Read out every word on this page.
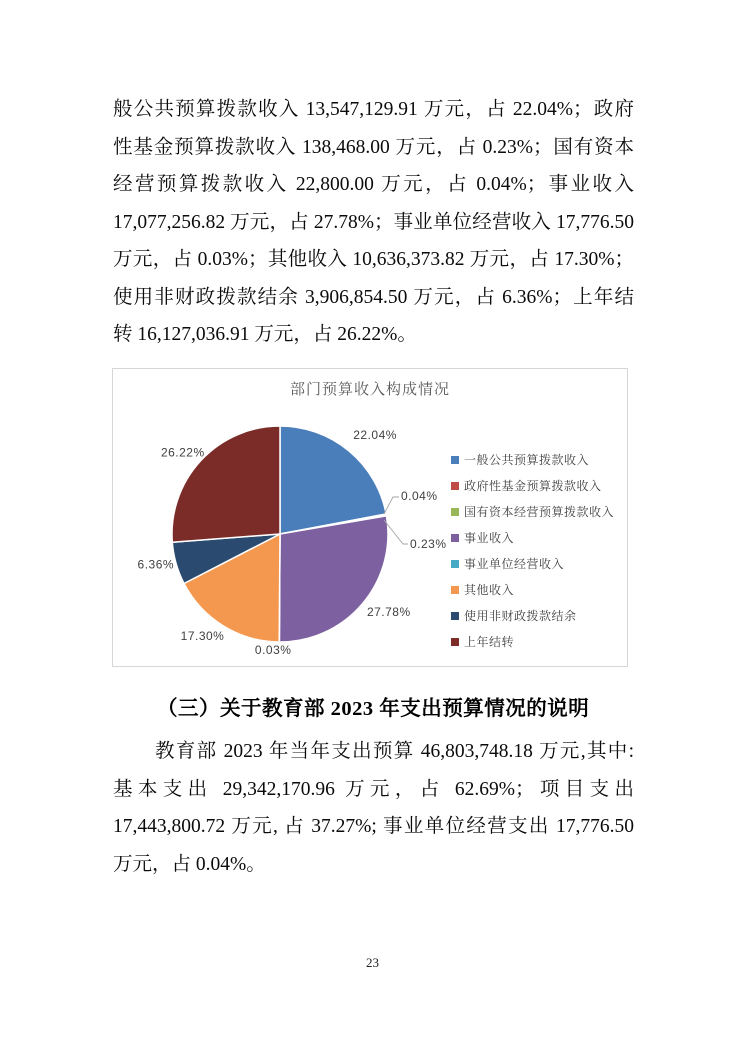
般公共预算拨款收入 13,547,129.91 万元，占 22.04%；政府
性基金预算拨款收入 138,468.00 万元，占 0.23%；国有资本
经营预算拨款收入 22,800.00 万元，占 0.04%；事业收入
17,077,256.82 万元，占 27.78%；事业单位经营收入 17,776.50
万元，占 0.03%；其他收入 10,636,373.82 万元，占 17.30%；
使用非财政拨款结余 3,906,854.50 万元，占 6.36%；上年结
转 16,127,036.91 万元，占 26.22%。
部门预算收入构成情况
22.04%
0.23%
0.04%
27.78%
0.03%
17.30%
6.36%
26.22%
一般公共预算拨款收入
政府性基金预算拨款收入
国有资本经营预算拨款收入
事业收入
事业单位经营收入
其他收入
使用非财政拨款结余
上年结转
（三）关于教育部 2023 年支出预算情况的说明
教育部 2023 年当年支出预算 46,803,748.18 万元,其中:
基本支出 29,342,170.96 万元，占 62.69%；项目支出
17,443,800.72 万元, 占 37.27%; 事业单位经营支出 17,776.50
万元，占 0.04%。
23
